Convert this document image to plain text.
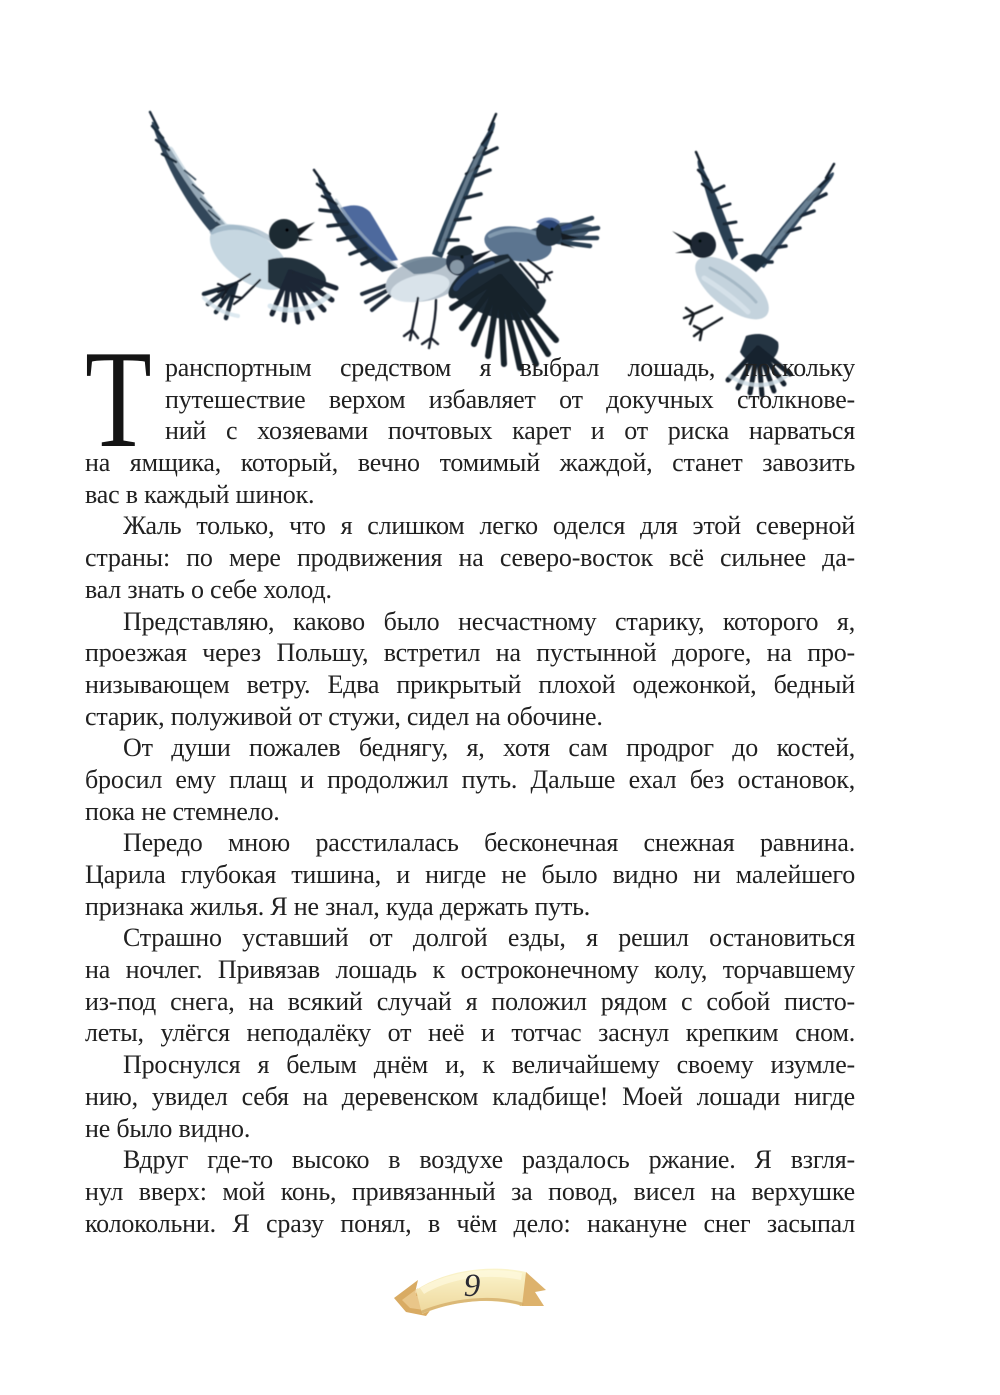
Т ранспортным средством я выбрал лошадь, поскольку
путешествие верхом избавляет от докучных столкнове-
ний с хозяевами почтовых карет и от риска нарваться
на ямщика, который, вечно томимый жаждой, станет завозить
вас в каждый шинок.
Жаль только, что я слишком легко оделся для этой северной
страны: по мере продвижения на северо-восток всё сильнее да-
вал знать о себе холод.
Представляю, каково было несчастному старику, которого я,
проезжая через Польшу, встретил на пустынной дороге, на про-
низывающем ветру. Едва прикрытый плохой одежонкой, бедный
старик, полуживой от стужи, сидел на обочине.
От души пожалев беднягу, я, хотя сам продрог до костей,
бросил ему плащ и продолжил путь. Дальше ехал без остановок,
пока не стемнело.
Передо мною расстилалась бесконечная снежная равнина.
Царила глубокая тишина, и нигде не было видно ни малейшего
признака жилья. Я не знал, куда держать путь.
Страшно уставший от долгой езды, я решил остановиться
на ночлег. Привязав лошадь к остроконечному колу, торчавшему
из-под снега, на всякий случай я положил рядом с собой писто-
леты, улёгся неподалёку от неё и тотчас заснул крепким сном.
Проснулся я белым днём и, к величайшему своему изумле-
нию, увидел себя на деревенском кладбище! Моей лошади нигде
не было видно.
Вдруг где-то высоко в воздухе раздалось ржание. Я взгля-
нул вверх: мой конь, привязанный за повод, висел на верхушке
колокольни. Я сразу понял, в чём дело: накануне снег засыпал
9
